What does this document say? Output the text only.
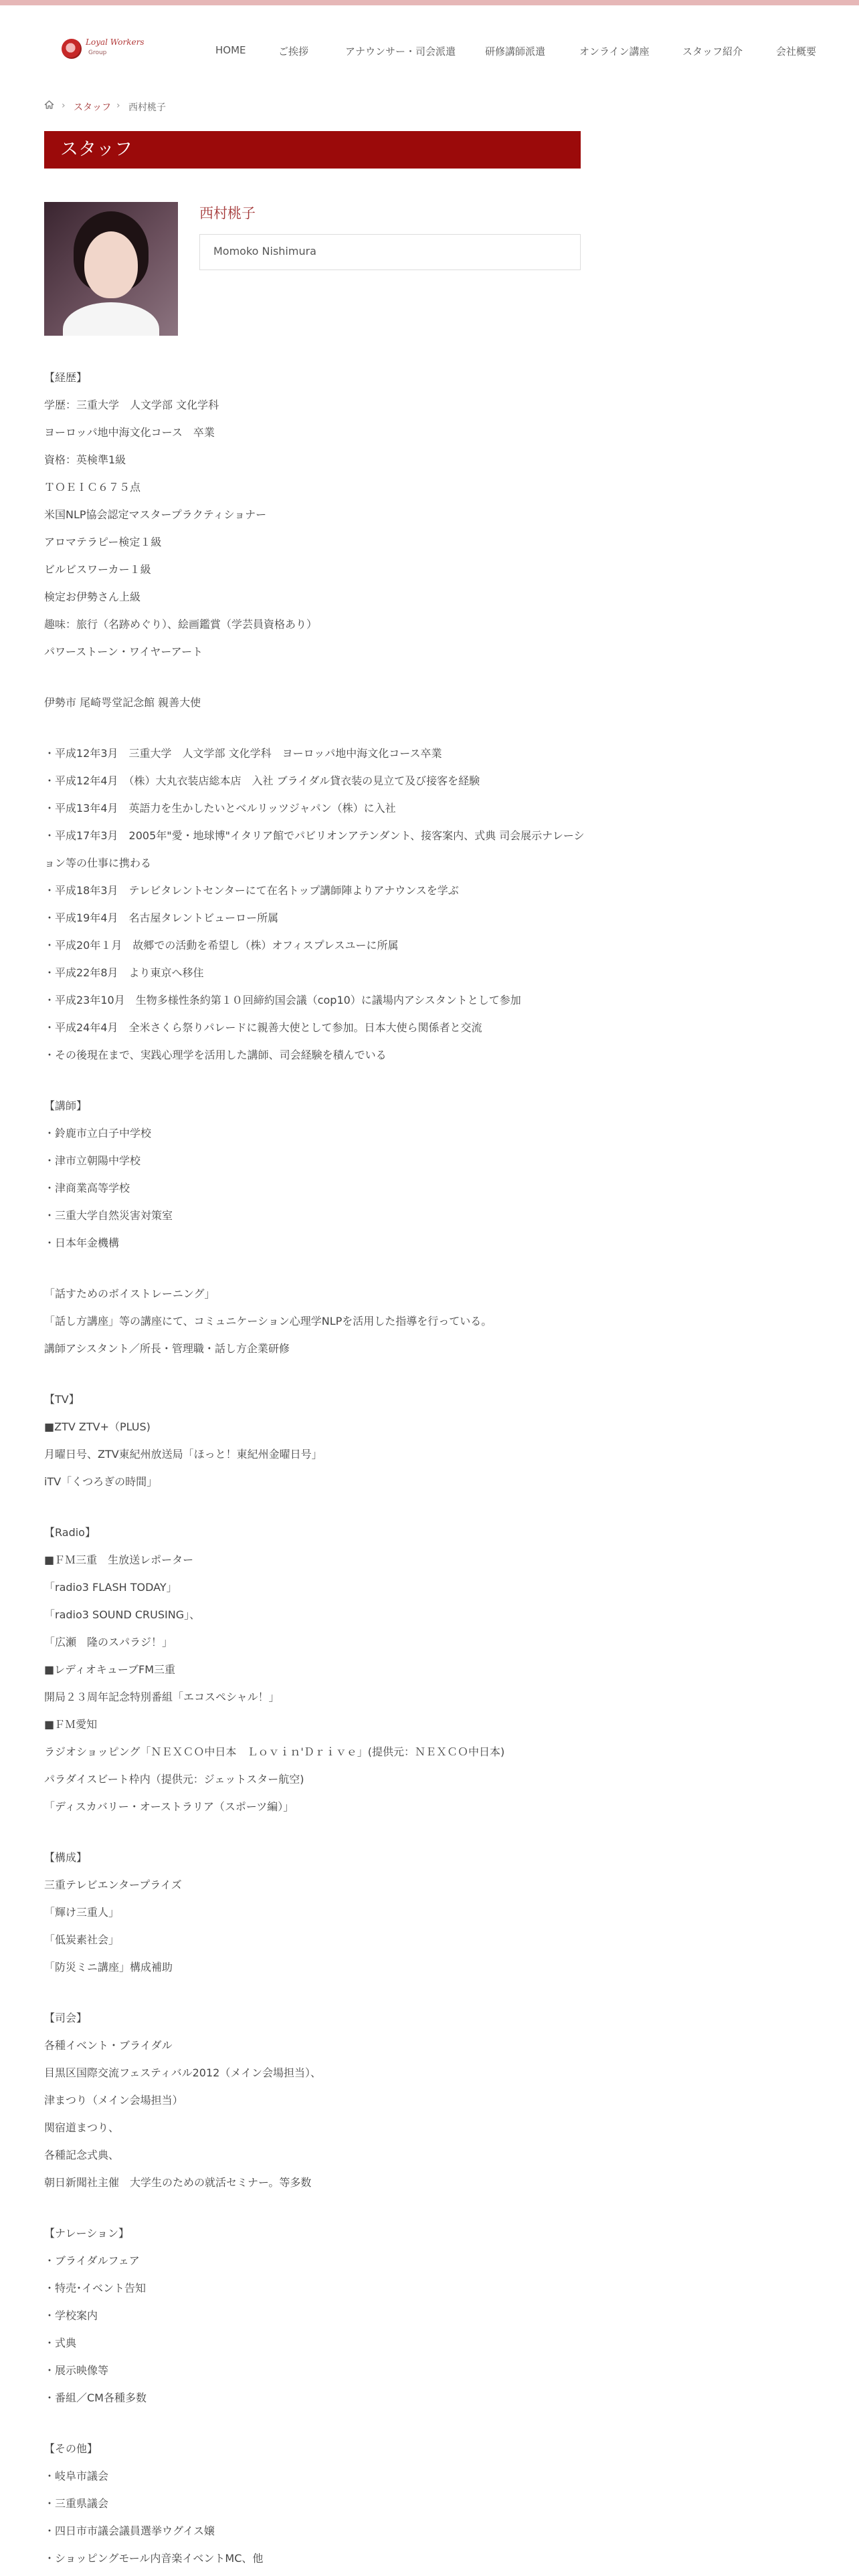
Loyal Workers
Group	HOME	ご挨拶	アナウンサー・司会派遣	研修講師派遣	オンライン講座	スタッフ紹介	会社概要
› スタッフ › 西村桃子
スタッフ
西村桃子
Momoko Nishimura
【経歴】
学歴：三重大学　人文学部 文化学科
ヨーロッパ地中海文化コース　卒業
資格：英検準1級
ＴＯＥＩＣ６７５点
米国NLP協会認定マスタープラクティショナー
アロマテラピー検定１級
ビルビスワーカー１級
検定お伊勢さん上級
趣味：旅行（名跡めぐり）、絵画鑑賞（学芸員資格あり）
パワーストーン・ワイヤーアート
伊勢市 尾崎咢堂記念館 親善大使
・平成12年3月　三重大学　人文学部 文化学科　ヨーロッパ地中海文化コース卒業
・平成12年4月　（株）大丸衣装店総本店　入社 ブライダル貸衣装の見立て及び接客を経験
・平成13年4月　英語力を生かしたいとベルリッツジャパン（株）に入社
・平成17年3月　2005年"愛・地球博"イタリア館でパビリオンアテンダント、接客案内、式典 司会展示ナレーション等の仕事に携わる
・平成18年3月　テレビタレントセンターにて在名トップ講師陣よりアナウンスを学ぶ
・平成19年4月　名古屋タレントビューロー所属
・平成20年１月　故郷での活動を希望し（株）オフィスプレスユーに所属
・平成22年8月　より東京へ移住
・平成23年10月　生物多様性条約第１０回締約国会議（cop10）に議場内アシスタントとして参加
・平成24年4月　全米さくら祭りパレードに親善大使として参加。日本大使ら関係者と交流
・その後現在まで、実践心理学を活用した講師、司会経験を積んでいる
【講師】
・鈴鹿市立白子中学校
・津市立朝陽中学校
・津商業高等学校
・三重大学自然災害対策室
・日本年金機構
「話すためのボイストレーニング」
「話し方講座」等の講座にて、コミュニケーション心理学NLPを活用した指導を行っている。
講師アシスタント／所長・管理職・話し方企業研修
【TV】
■ZTV ZTV+（PLUS)
月曜日号、ZTV東紀州放送局「ほっと！東紀州金曜日号」
iTV「くつろぎの時間」
【Radio】
■ＦＭ三重　生放送レポーター
「radio3 FLASH TODAY」
「radio3 SOUND CRUSING」、
「広瀬　隆のスパラジ！」
■レディオキューブFM三重
開局２３周年記念特別番組「エコスペシャル！」
■ＦＭ愛知
ラジオショッピング「ＮＥＸＣＯ中日本　Ｌｏｖｉｎ'Ｄｒｉｖｅ」(提供元：ＮＥＸＣＯ中日本)
パラダイスビート枠内（提供元：ジェットスター航空)
「ディスカバリー・オーストラリア（スポーツ編）」
【構成】
三重テレビエンタープライズ
「輝け三重人」
「低炭素社会」
「防災ミニ講座」構成補助
【司会】
各種イベント・ブライダル
目黒区国際交流フェスティバル2012（メイン会場担当）、
津まつり（メイン会場担当）
関宿道まつり、
各種記念式典、
朝日新聞社主催　大学生のための就活セミナー。等多数
【ナレーション】
・ブライダルフェア
・特売･イベント告知
・学校案内
・式典
・展示映像等
・番組／CM各種多数
【その他】
・岐阜市議会
・三重県議会
・四日市市議会議員選挙ウグイス嬢
・ショッピングモール内音楽イベントMC、他
